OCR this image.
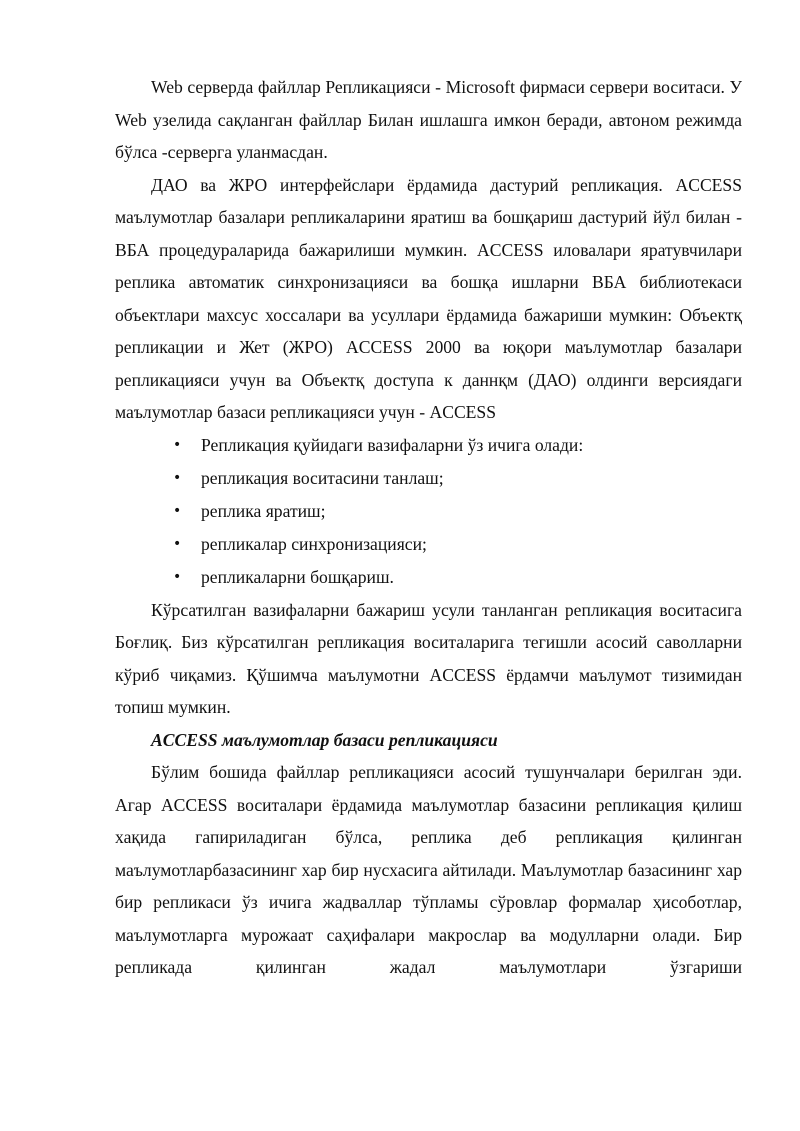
Web серверда файллар Репликацияси - Microsoft фирмаси сервери воситаси. У Web узелида сақланган файллар Билан ишлашга имкон беради, автоном режимда бўлса -серверга уланмасдан.

ДАО ва ЖРО интерфейслари ёрдамида дастурий репликация. ACCESS маълумотлар базалари репликаларини яратиш ва бошқариш дастурий йўл билан - ВБА процедураларида бажарилиши мумкин. ACCESS иловалари яратувчилари реплика автоматик синхронизацияси ва бошқа ишларни ВБА библиотекаси объектлари махсус хоссалари ва усуллари ёрдамида бажариши мумкин: Объектқ репликации и Жет (ЖРО) ACCESS 2000 ва юқори маълумотлар базалари репликацияси учун ва Объектқ доступа к даннқм (ДАО) олдинги версиядаги маълумотлар базаси репликацияси учун - ACCESS

•	Репликация қуйидаги вазифаларни ўз ичига олади:
•	репликация воситасини танлаш;
•	реплика яратиш;
•	репликалар синхронизацияси;
•	репликаларни бошқариш.

Кўрсатилган вазифаларни бажариш усули танланган репликация воситасига Боғлиқ. Биз кўрсатилган репликация воситаларига тегишли асосий саволларни кўриб чиқамиз. Қўшимча маълумотни ACCESS ёрдамчи маълумот тизимидан топиш мумкин.

ACCESS маълумотлар базаси репликацияси

Бўлим бошида файллар репликацияси асосий тушунчалари берилган эди. Агар ACCESS воситалари ёрдамида маълумотлар базасини репликация қилиш хақида гапириладиган бўлса, реплика деб репликация қилинган маълумотларбазасининг хар бир нусхасига айтилади. Маълумотлар базасининг хар бир репликаси ўз ичига жадваллар тўпламы сўровлар формалар ҳисоботлар, маълумотларга мурожаат саҳифалари макрослар ва модулларни олади. Бир репликада қилинган жадал маълумотлари ўзгариши
